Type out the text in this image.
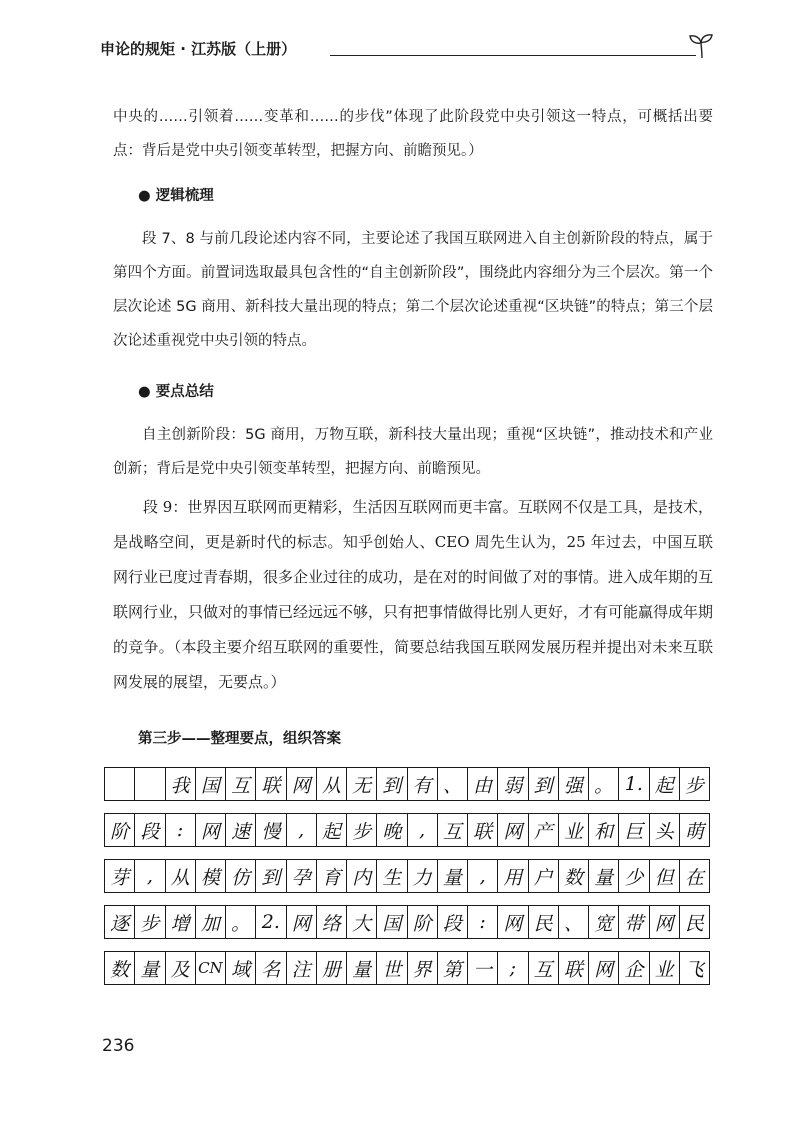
申论的规矩 · 江苏版（上册）

中央的……引领着……变革和……的步伐”体现了此阶段党中央引领这一特点，可概括出要点：背后是党中央引领变革转型，把握方向、前瞻预见。）

● 逻辑梳理

段 7、8 与前几段论述内容不同，主要论述了我国互联网进入自主创新阶段的特点，属于第四个方面。前置词选取最具包含性的“自主创新阶段”，围绕此内容细分为三个层次。第一个层次论述 5G 商用、新科技大量出现的特点；第二个层次论述重视“区块链”的特点；第三个层次论述重视党中央引领的特点。

● 要点总结

自主创新阶段：5G 商用，万物互联，新科技大量出现；重视“区块链”，推动技术和产业创新；背后是党中央引领变革转型，把握方向、前瞻预见。

段 9：世界因互联网而更精彩，生活因互联网而更丰富。互联网不仅是工具，是技术，是战略空间，更是新时代的标志。知乎创始人、CEO 周先生认为，25 年过去，中国互联网行业已度过青春期，很多企业过往的成功，是在对的时间做了对的事情。进入成年期的互联网行业，只做对的事情已经远远不够，只有把事情做得比别人更好，才有可能赢得成年期的竞争。（本段主要介绍互联网的重要性，简要总结我国互联网发展历程并提出对未来互联网发展的展望，无要点。）

第三步——整理要点，组织答案
我 国 互 联 网 从 无 到 有 、 由 弱 到 强 。 1. 起 步
阶 段 : 网 速 慢 , 起 步 晚 , 互 联 网 产 业 和 巨 头 萌
芽 , 从 模 仿 到 孕 育 内 生 力 量 , 用 户 数 量 少 但 在
逐 步 增 加 。 2. 网 络 大 国 阶 段 : 网 民 、 宽 带 网 民
数 量 及 CN 域 名 注 册 量 世 界 第 一 ; 互 联 网 企 业 飞
236
